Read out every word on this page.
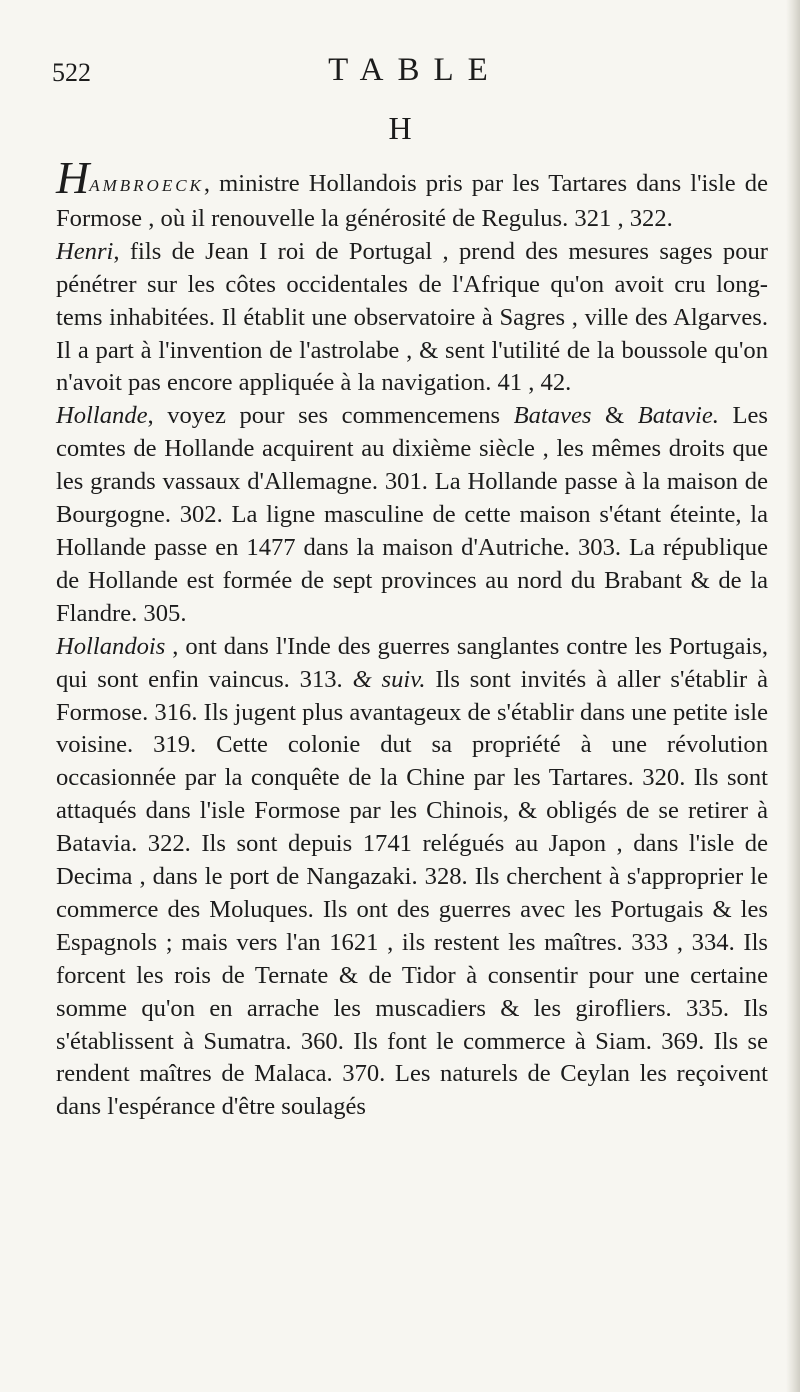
522	TABLE
H

HAMBROECK, ministre Hollandois pris par les Tartares dans l'isle de Formose , où il renouvelle la générosité de Regulus. 321 , 322.

Henri, fils de Jean I roi de Portugal , prend des mesures sages pour pénétrer sur les côtes occidentales de l'Afrique qu'on avoit cru long-tems inhabitées. Il établit une observatoire à Sagres , ville des Algarves. Il a part à l'invention de l'astrolabe , & sent l'utilité de la boussole qu'on n'avoit pas encore appliquée à la navigation. 41 , 42.

Hollande, voyez pour ses commencemens Bataves & Batavie. Les comtes de Hollande acquirent au dixième siècle , les mêmes droits que les grands vassaux d'Allemagne. 301. La Hollande passe à la maison de Bourgogne. 302. La ligne masculine de cette maison s'étant éteinte, la Hollande passe en 1477 dans la maison d'Autriche. 303. La république de Hollande est formée de sept provinces au nord du Brabant & de la Flandre. 305.

Hollandois , ont dans l'Inde des guerres sanglantes contre les Portugais, qui sont enfin vaincus. 313. & suiv. Ils sont invités à aller s'établir à Formose. 316. Ils jugent plus avantageux de s'établir dans une petite isle voisine. 319. Cette colonie dut sa propriété à une révolution occasionnée par la conquête de la Chine par les Tartares. 320. Ils sont attaqués dans l'isle Formose par les Chinois, & obligés de se retirer à Batavia. 322. Ils sont depuis 1741 relégués au Japon , dans l'isle de Decima , dans le port de Nangazaki. 328. Ils cherchent à s'approprier le commerce des Moluques. Ils ont des guerres avec les Portugais & les Espagnols ; mais vers l'an 1621 , ils restent les maîtres. 333 , 334. Ils forcent les rois de Ternate & de Tidor à consentir pour une certaine somme qu'on en arrache les muscadiers & les girofliers. 335. Ils s'établissent à Sumatra. 360. Ils font le commerce à Siam. 369. Ils se rendent maîtres de Malaca. 370. Les naturels de Ceylan les reçoivent dans l'espérance d'être soulagés
